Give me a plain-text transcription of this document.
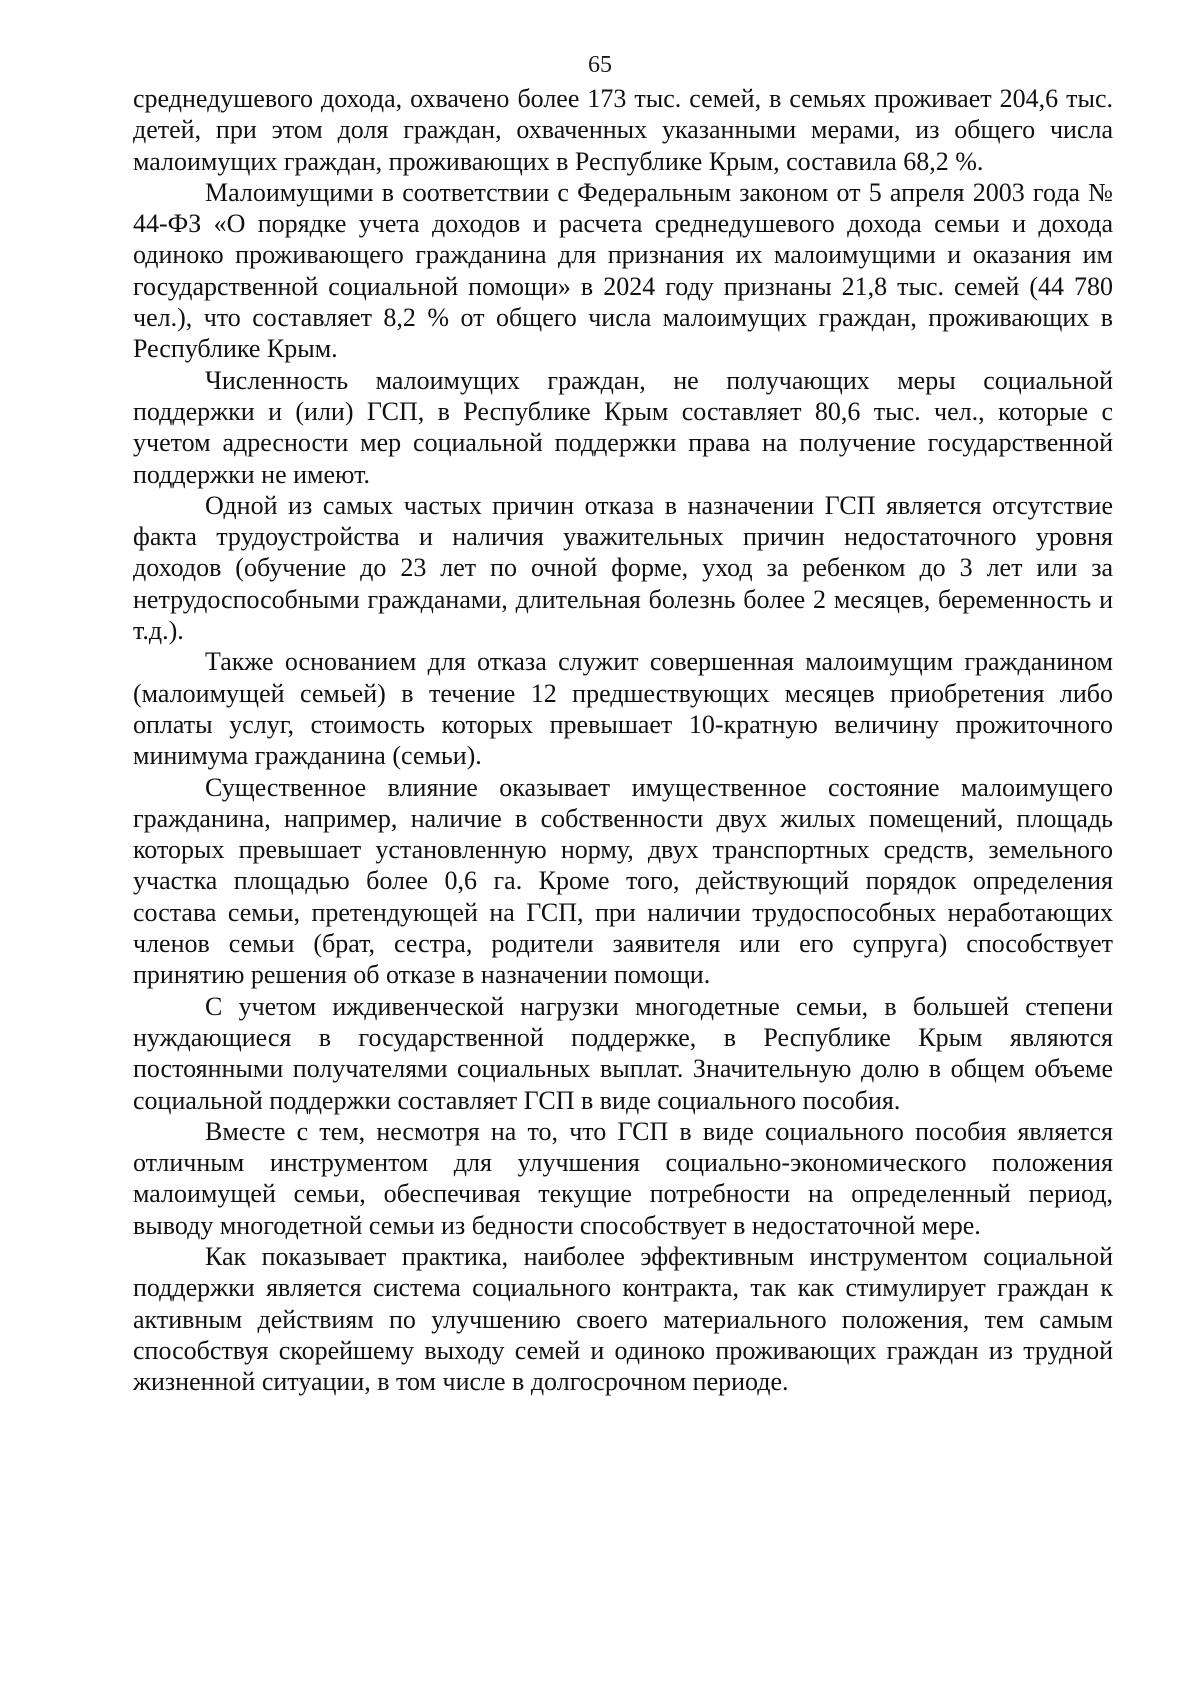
65

среднедушевого дохода, охвачено более 173 тыс. семей, в семьях проживает 204,6 тыс. детей, при этом доля граждан, охваченных указанными мерами, из общего числа малоимущих граждан, проживающих в Республике Крым, составила 68,2 %.

Малоимущими в соответствии с Федеральным законом от 5 апреля 2003 года № 44-ФЗ «О порядке учета доходов и расчета среднедушевого дохода семьи и дохода одиноко проживающего гражданина для признания их малоимущими и оказания им государственной социальной помощи» в 2024 году признаны 21,8 тыс. семей (44 780 чел.), что составляет 8,2 % от общего числа малоимущих граждан, проживающих в Республике Крым.

Численность малоимущих граждан, не получающих меры социальной поддержки и (или) ГСП, в Республике Крым составляет 80,6 тыс. чел., которые с учетом адресности мер социальной поддержки права на получение государственной поддержки не имеют.

Одной из самых частых причин отказа в назначении ГСП является отсутствие факта трудоустройства и наличия уважительных причин недостаточного уровня доходов (обучение до 23 лет по очной форме, уход за ребенком до 3 лет или за нетрудоспособными гражданами, длительная болезнь более 2 месяцев, беременность и т.д.).

Также основанием для отказа служит совершенная малоимущим гражданином (малоимущей семьей) в течение 12 предшествующих месяцев приобретения либо оплаты услуг, стоимость которых превышает 10-кратную величину прожиточного минимума гражданина (семьи).

Существенное влияние оказывает имущественное состояние малоимущего гражданина, например, наличие в собственности двух жилых помещений, площадь которых превышает установленную норму, двух транспортных средств, земельного участка площадью более 0,6 га. Кроме того, действующий порядок определения состава семьи, претендующей на ГСП, при наличии трудоспособных неработающих членов семьи (брат, сестра, родители заявителя или его супруга) способствует принятию решения об отказе в назначении помощи.

С учетом иждивенческой нагрузки многодетные семьи, в большей степени нуждающиеся в государственной поддержке, в Республике Крым являются постоянными получателями социальных выплат. Значительную долю в общем объеме социальной поддержки составляет ГСП в виде социального пособия.

Вместе с тем, несмотря на то, что ГСП в виде социального пособия является отличным инструментом для улучшения социально-экономического положения малоимущей семьи, обеспечивая текущие потребности на определенный период, выводу многодетной семьи из бедности способствует в недостаточной мере.

Как показывает практика, наиболее эффективным инструментом социальной поддержки является система социального контракта, так как стимулирует граждан к активным действиям по улучшению своего материального положения, тем самым способствуя скорейшему выходу семей и одиноко проживающих граждан из трудной жизненной ситуации, в том числе в долгосрочном периоде.
